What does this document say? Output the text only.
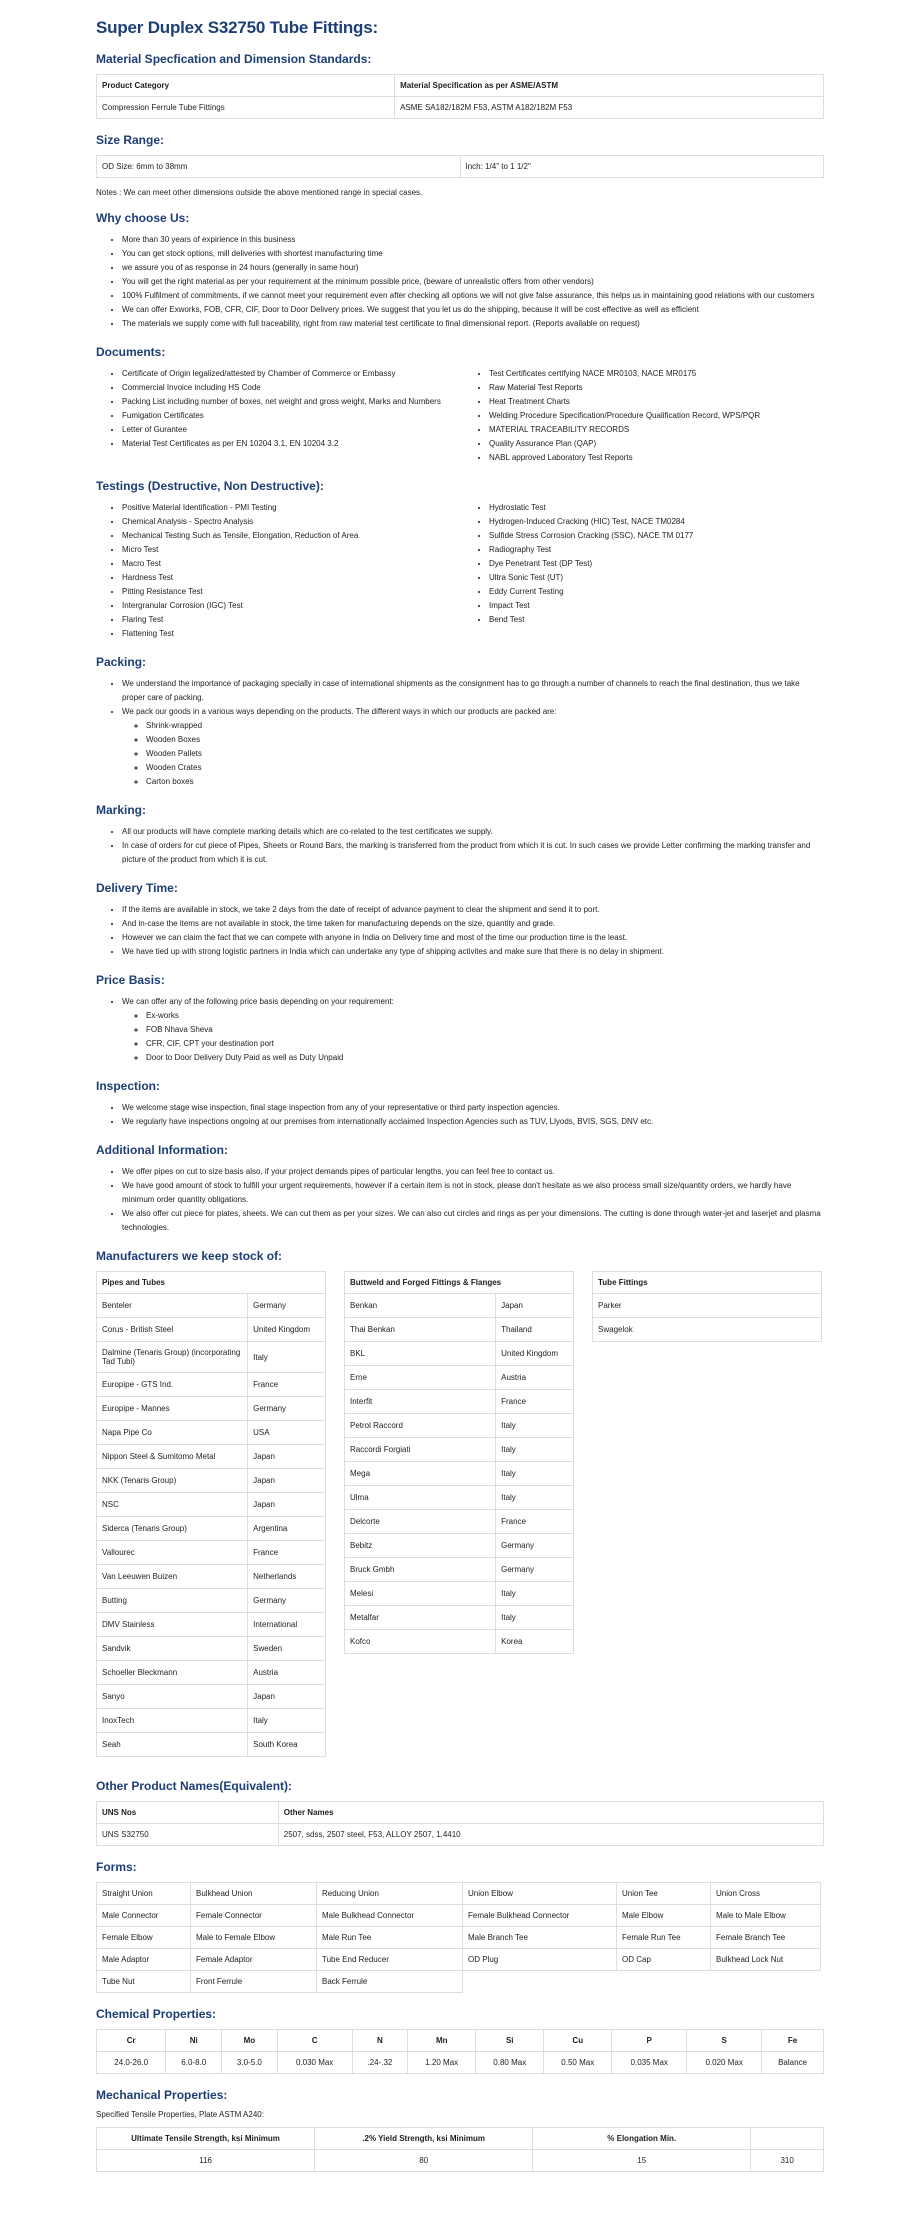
Super Duplex S32750 Tube Fittings:
Material Specfication and Dimension Standards:
Product Category	Material Specification as per ASME/ASTM
Compression Ferrule Tube Fittings	ASME SA182/182M F53, ASTM A182/182M F53
Size Range:
OD Size: 6mm to 38mm	Inch: 1/4" to 1 1/2"

Notes : We can meet other dimensions outside the above mentioned range in special cases.

Why choose Us:
• More than 30 years of expirience in this business
• You can get stock options, mill deliveries with shortest manufacturing time
• we assure you of as response in 24 hours (generally in same hour)
• You will get the right material as per your requirement at the minimum possible price, (beware of unrealistic offers from other vendors)
• 100% Fulfilment of commitments, if we cannot meet your requirement even after checking all options we will not give false assurance, this helps us in maintaining good relations with our customers
• We can offer Exworks, FOB, CFR, CIF, Door to Door Delivery prices. We suggest that you let us do the shipping, because it will be cost effective as well as efficient
• The materials we supply come with full traceability, right from raw material test certificate to final dimensional report. (Reports available on request)
Documents:
• Certificate of Origin legalized/attested by Chamber of Commerce or Embassy
• Commercial Invoice including HS Code
• Packing List including number of boxes, net weight and gross weight, Marks and Numbers
• Fumigation Certificates
• Letter of Gurantee
• Material Test Certificates as per EN 10204 3.1, EN 10204 3.2
• Test Certificates certifying NACE MR0103, NACE MR0175
• Raw Material Test Reports
• Heat Treatment Charts
• Welding Procedure Specification/Procedure Qualification Record, WPS/PQR
• MATERIAL TRACEABILITY RECORDS
• Quality Assurance Plan (QAP)
• NABL approved Laboratory Test Reports
Testings (Destructive, Non Destructive):
• Positive Material Identification - PMI Testing
• Chemical Analysis - Spectro Analysis
• Mechanical Testing Such as Tensile, Elongation, Reduction of Area
• Micro Test
• Macro Test
• Hardness Test
• Pitting Resistance Test
• Intergranular Corrosion (IGC) Test
• Flaring Test
• Flattening Test
• Hydrostatic Test
• Hydrogen-Induced Cracking (HIC) Test, NACE TM0284
• Sulfide Stress Corrosion Cracking (SSC), NACE TM 0177
• Radiography Test
• Dye Penetrant Test (DP Test)
• Ultra Sonic Test (UT)
• Eddy Current Testing
• Impact Test
• Bend Test
Packing:
• We understand the importance of packaging specially in case of international shipments as the consignment has to go through a number of channels to reach the final destination, thus we take proper care of packing.
• We pack our goods in a various ways depending on the products. The different ways in which our products are packed are:
◦ Shrink-wrapped
◦ Wooden Boxes
◦ Wooden Pallets
◦ Wooden Crates
◦ Carton boxes
Marking:
• All our products will have complete marking details which are co-related to the test certificates we supply.
• In case of orders for cut piece of Pipes, Sheets or Round Bars, the marking is transferred from the product from which it is cut. In such cases we provide Letter confirming the marking transfer and picture of the product from which it is cut.
Delivery Time:
• If the items are available in stock, we take 2 days from the date of receipt of advance payment to clear the shipment and send it to port.
• And in-case the items are not available in stock, the time taken for manufacturing depends on the size, quantity and grade.
• However we can claim the fact that we can compete with anyone in India on Delivery time and most of the time our production time is the least.
• We have tied up with strong logistic partners in India which can undertake any type of shipping activites and make sure that there is no delay in shipment.
Price Basis:
• We can offer any of the following price basis depending on your requirement:
◦ Ex-works
◦ FOB Nhava Sheva
◦ CFR, CIF, CPT your destination port
◦ Door to Door Delivery Duty Paid as well as Duty Unpaid
Inspection:
• We welcome stage wise inspection, final stage inspection from any of your representative or third party inspection agencies.
• We regularly have inspections ongoing at our premises from internationally acclaimed Inspection Agencies such as TUV, Llyods, BVIS, SGS, DNV etc.
Additional Information:
• We offer pipes on cut to size basis also, if your project demands pipes of particular lengths, you can feel free to contact us.
• We have good amount of stock to fulfill your urgent requirements, however if a certain item is not in stock, please don't hesitate as we also process small size/quantity orders, we hardly have minimum order quantity obligations.
• We also offer cut piece for plates, sheets. We can cut them as per your sizes. We can also cut circles and rings as per your dimensions. The cutting is done through water-jet and laserjet and plasma technologies.
Manufacturers we keep stock of:
Pipes and Tubes	
Benteler	Germany
Corus - British Steel	United Kingdom
Dalmine (Tenaris Group) (incorporating Tad Tubi)	Italy
Europipe - GTS Ind.	France
Europipe - Mannes	Germany
Napa Pipe Co	USA
Nippon Steel & Sumitomo Metal	Japan
NKK (Tenaris Group)	Japan
NSC	Japan
Siderca (Tenaris Group)	Argentina
Vallourec	France
Van Leeuwen Buizen	Netherlands
Butting	Germany
DMV Stainless	International
Sandvik	Sweden
Schoeller Bleckmann	Austria
Sanyo	Japan
InoxTech	Italy
Seah	South Korea
Buttweld and Forged Fittings & Flanges	
Benkan	Japan
Thai Benkan	Thailand
BKL	United Kingdom
Erne	Austria
Interfit	France
Petrol Raccord	Italy
Raccordi Forgiati	Italy
Mega	Italy
Ulma	Italy
Delcorte	France
Bebitz	Germany
Bruck Gmbh	Germany
Melesi	Italy
Metalfar	Italy
Kofco	Korea
Tube Fittings
Parker
Swagelok
Other Product Names(Equivalent):
UNS Nos	Other Names
UNS S32750	2507, sdss, 2507 steel, F53, ALLOY 2507, 1.4410
Forms:
Straight Union	Bulkhead Union	Reducing Union	Union Elbow	Union Tee	Union Cross
Male Connector	Female Connector	Male Bulkhead Connector	Female Bulkhead Connector	Male Elbow	Male to Male Elbow
Female Elbow	Male to Female Elbow	Male Run Tee	Male Branch Tee	Female Run Tee	Female Branch Tee
Male Adaptor	Female Adaptor	Tube End Reducer	OD Plug	OD Cap	Bulkhead Lock Nut
Tube Nut	Front Ferrule	Back Ferrule			
Chemical Properties:
Cr	Ni	Mo	C	N	Mn	Si	Cu	P	S	Fe
24.0-26.0	6.0-8.0	3.0-5.0	0.030 Max	.24-.32	1.20 Max	0.80 Max	0.50 Max	0.035 Max	0.020 Max	Balance
Mechanical Properties:

Specified Tensile Properties, Plate ASTM A240:

Ultimate Tensile Strength, ksi Minimum	.2% Yield Strength, ksi Minimum	% Elongation Min.	
116	80	15	310
